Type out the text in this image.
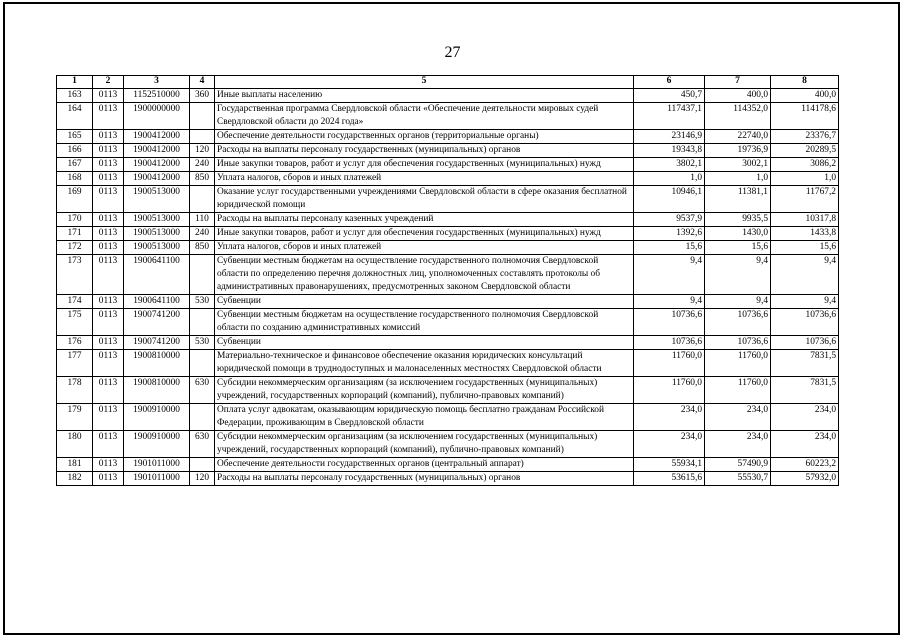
27
1	2	3	4	5	6	7	8
163	0113	1152510000	360	Иные выплаты населению	450,7	400,0	400,0
164	0113	1900000000		Государственная программа Свердловской области «Обеспечение деятельности мировых судей Свердловской области до 2024 года»	117437,1	114352,0	114178,6
165	0113	1900412000		Обеспечение деятельности государственных органов (территориальные органы)	23146,9	22740,0	23376,7
166	0113	1900412000	120	Расходы на выплаты персоналу государственных (муниципальных) органов	19343,8	19736,9	20289,5
167	0113	1900412000	240	Иные закупки товаров, работ и услуг для обеспечения государственных (муниципальных) нужд	3802,1	3002,1	3086,2
168	0113	1900412000	850	Уплата налогов, сборов и иных платежей	1,0	1,0	1,0
169	0113	1900513000		Оказание услуг государственными учреждениями Свердловской области в сфере оказания бесплатной юридической помощи	10946,1	11381,1	11767,2
170	0113	1900513000	110	Расходы на выплаты персоналу казенных учреждений	9537,9	9935,5	10317,8
171	0113	1900513000	240	Иные закупки товаров, работ и услуг для обеспечения государственных (муниципальных) нужд	1392,6	1430,0	1433,8
172	0113	1900513000	850	Уплата налогов, сборов и иных платежей	15,6	15,6	15,6
173	0113	1900641100		Субвенции местным бюджетам на осуществление государственного полномочия Свердловской области по определению перечня должностных лиц, уполномоченных составлять протоколы об административных правонарушениях, предусмотренных законом Свердловской области	9,4	9,4	9,4
174	0113	1900641100	530	Субвенции	9,4	9,4	9,4
175	0113	1900741200		Субвенции местным бюджетам на осуществление государственного полномочия Свердловской области по созданию административных комиссий	10736,6	10736,6	10736,6
176	0113	1900741200	530	Субвенции	10736,6	10736,6	10736,6
177	0113	1900810000		Материально-техническое и финансовое обеспечение оказания юридических консультаций юридической помощи в труднодоступных и малонаселенных местностях Свердловской области	11760,0	11760,0	7831,5
178	0113	1900810000	630	Субсидии некоммерческим организациям (за исключением государственных (муниципальных) учреждений, государственных корпораций (компаний), публично-правовых компаний)	11760,0	11760,0	7831,5
179	0113	1900910000		Оплата услуг адвокатам, оказывающим юридическую помощь бесплатно гражданам Российской Федерации, проживающим в Свердловской области	234,0	234,0	234,0
180	0113	1900910000	630	Субсидии некоммерческим организациям (за исключением государственных (муниципальных) учреждений, государственных корпораций (компаний), публично-правовых компаний)	234,0	234,0	234,0
181	0113	1901011000		Обеспечение деятельности государственных органов (центральный аппарат)	55934,1	57490,9	60223,2
182	0113	1901011000	120	Расходы на выплаты персоналу государственных (муниципальных) органов	53615,6	55530,7	57932,0
